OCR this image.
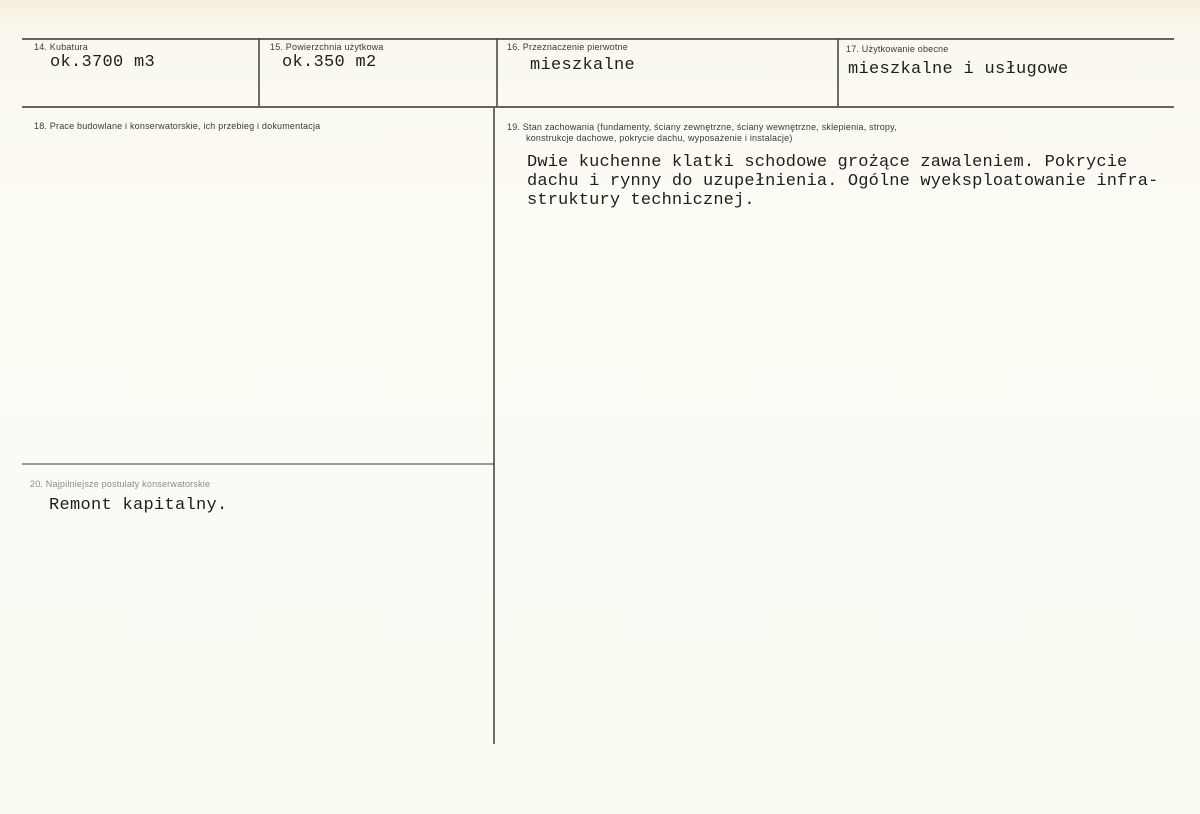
14. Kubatura
ok.3700 m3
15. Powierzchnia użytkowa
ok.350 m2
16. Przeznaczenie pierwotne
mieszkalne
17. Użytkowanie obecne
mieszkalne i usługowe
18. Prace budowlane i konserwatorskie, ich przebieg i dokumentacja	19. Stan zachowania (fundamenty, ściany zewnętrzne, ściany wewnętrzne, sklepienia, stropy,
konstrukcje dachowe, pokrycie dachu, wyposażenie i instalacje)
Dwie kuchenne klatki schodowe grożące zawaleniem. Pokrycie
dachu i rynny do uzupełnienia. Ogólne wyeksploatowanie infra-
struktury technicznej.
20. Najpilniejsze postulaty konserwatorskie
Remont kapitalny.
